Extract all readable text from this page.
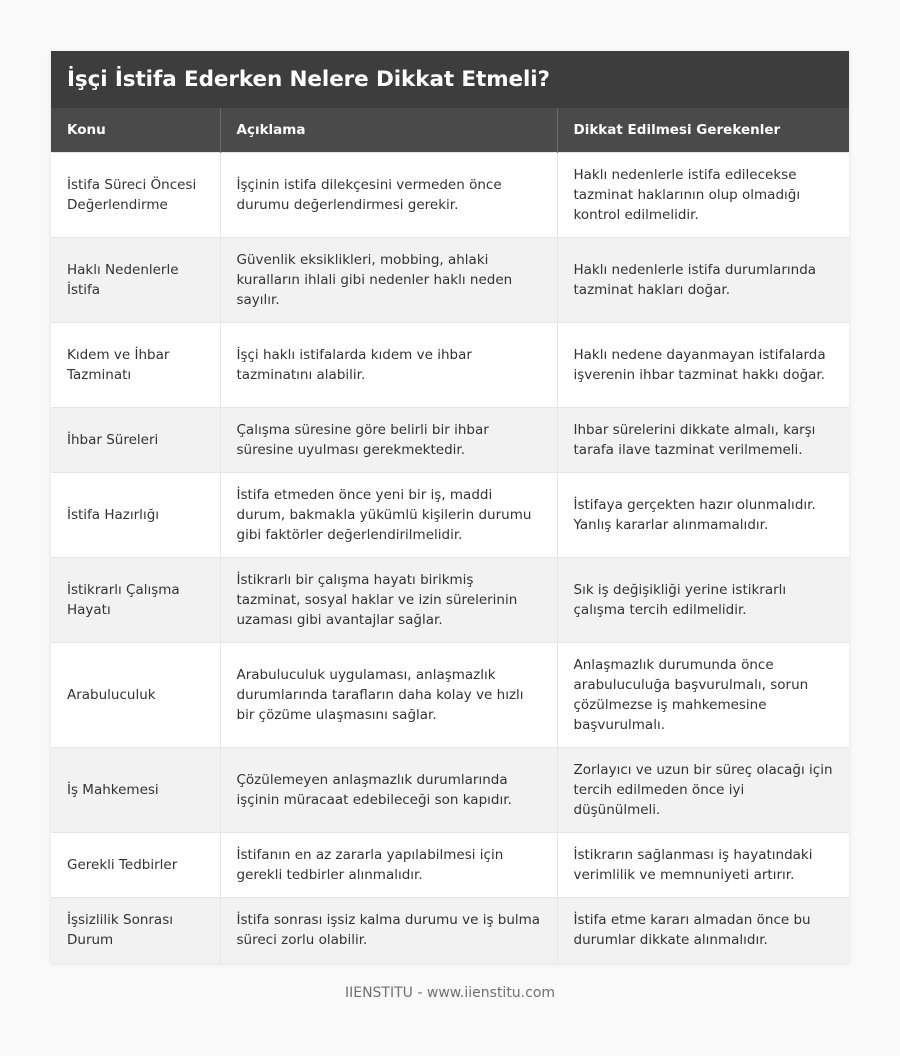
İşçi İstifa Ederken Nelere Dikkat Etmeli?
Konu	Açıklama	Dikkat Edilmesi Gerekenler
İstifa Süreci Öncesi Değerlendirme	İşçinin istifa dilekçesini vermeden önce durumu değerlendirmesi gerekir.	Haklı nedenlerle istifa edilecekse tazminat haklarının olup olmadığı kontrol edilmelidir.
Haklı Nedenlerle İstifa	Güvenlik eksiklikleri, mobbing, ahlaki kuralların ihlali gibi nedenler haklı neden sayılır.	Haklı nedenlerle istifa durumlarında tazminat hakları doğar.
Kıdem ve İhbar Tazminatı	İşçi haklı istifalarda kıdem ve ihbar tazminatını alabilir.	Haklı nedene dayanmayan istifalarda işverenin ihbar tazminat hakkı doğar.
İhbar Süreleri	Çalışma süresine göre belirli bir ihbar süresine uyulması gerekmektedir.	Ihbar sürelerini dikkate almalı, karşı tarafa ilave tazminat verilmemeli.
İstifa Hazırlığı	İstifa etmeden önce yeni bir iş, maddi durum, bakmakla yükümlü kişilerin durumu gibi faktörler değerlendirilmelidir.	İstifaya gerçekten hazır olunmalıdır. Yanlış kararlar alınmamalıdır.
İstikrarlı Çalışma Hayatı	İstikrarlı bir çalışma hayatı birikmiş tazminat, sosyal haklar ve izin sürelerinin uzaması gibi avantajlar sağlar.	Sık iş değişikliği yerine istikrarlı çalışma tercih edilmelidir.
Arabuluculuk	Arabuluculuk uygulaması, anlaşmazlık durumlarında tarafların daha kolay ve hızlı bir çözüme ulaşmasını sağlar.	Anlaşmazlık durumunda önce arabuluculuğa başvurulmalı, sorun çözülmezse iş mahkemesine başvurulmalı.
İş Mahkemesi	Çözülemeyen anlaşmazlık durumlarında işçinin müracaat edebileceği son kapıdır.	Zorlayıcı ve uzun bir süreç olacağı için tercih edilmeden önce iyi düşünülmeli.
Gerekli Tedbirler	İstifanın en az zararla yapılabilmesi için gerekli tedbirler alınmalıdır.	İstikrarın sağlanması iş hayatındaki verimlilik ve memnuniyeti artırır.
İşsizlilik Sonrası Durum	İstifa sonrası işsiz kalma durumu ve iş bulma süreci zorlu olabilir.	İstifa etme kararı almadan önce bu durumlar dikkate alınmalıdır.
IIENSTITU - www.iienstitu.com
